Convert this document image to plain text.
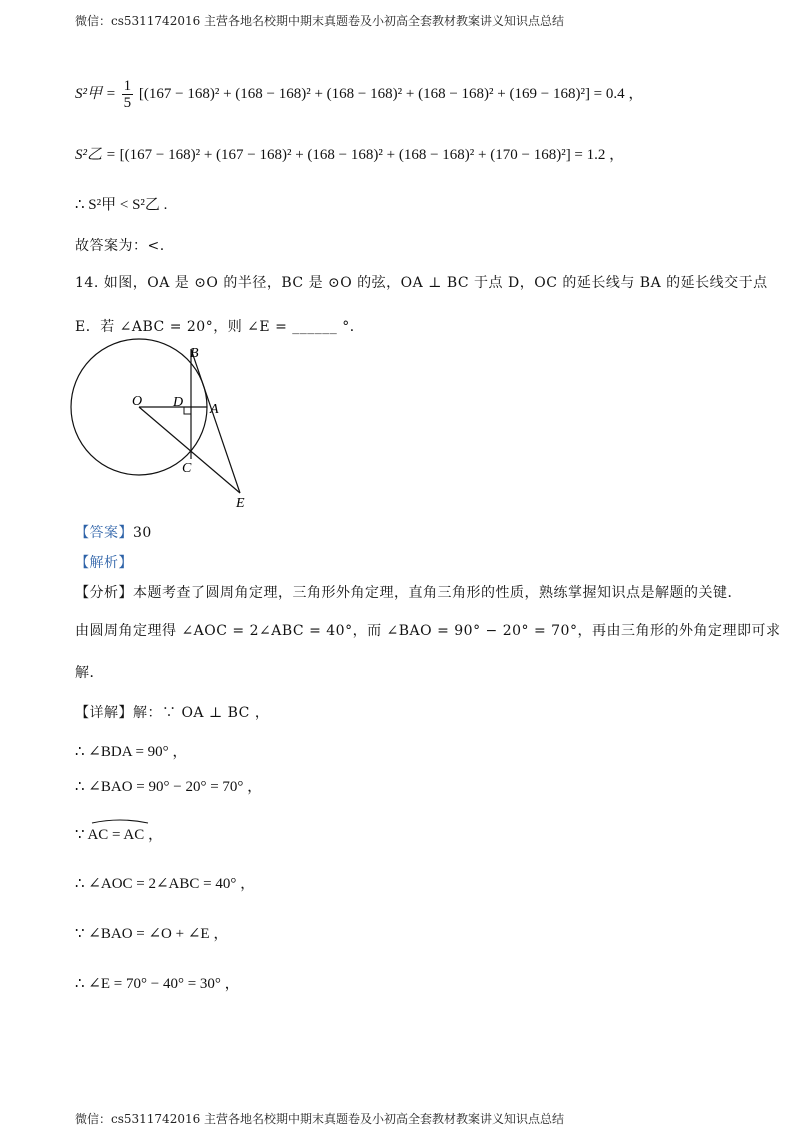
微信：cs5311742016 主营各地名校期中期末真题卷及小初高全套教材教案讲义知识点总结
S²甲 = $\frac{1}{5} [(167 - 168)^2 + (168 - 168)^2 + (168 - 168)^2 + (168 - 168)^2 + (169 - 168)^2] = 0.4$ ，
S²乙 = [(167 − 168)² + (167 − 168)² + (168 − 168)² + (168 − 168)² + (170 − 168)²] = 1.2 ，
∴ S²甲 < S²乙 .
故答案为：<.
14. 如图，OA 是 ⊙O 的半径，BC 是 ⊙O 的弦，OA ⊥ BC 于点 D，OC 的延长线与 BA 的延长线交于点
E．若 ∠ABC = 20°，则 ∠E = ______ °．
O D A
B
C
E
【答案】30
【解析】
【分析】本题考查了圆周角定理，三角形外角定理，直角三角形的性质，熟练掌握知识点是解题的关键．
由圆周角定理得 ∠AOC = 2∠ABC = 40°，而 ∠BAO = 90° − 20° = 70°，再由三角形的外角定理即可求
解．
【详解】解：∵ OA ⊥ BC ，
∴ ∠BDA = 90° ，
∴ ∠BAO = 90° − 20° = 70° ，
∵ AC = AC ，
∴ ∠AOC = 2∠ABC = 40° ，
∵ ∠BAO = ∠O + ∠E ，
∴ ∠E = 70° − 40° = 30° ，
微信：cs5311742016 主营各地名校期中期末真题卷及小初高全套教材教案讲义知识点总结
